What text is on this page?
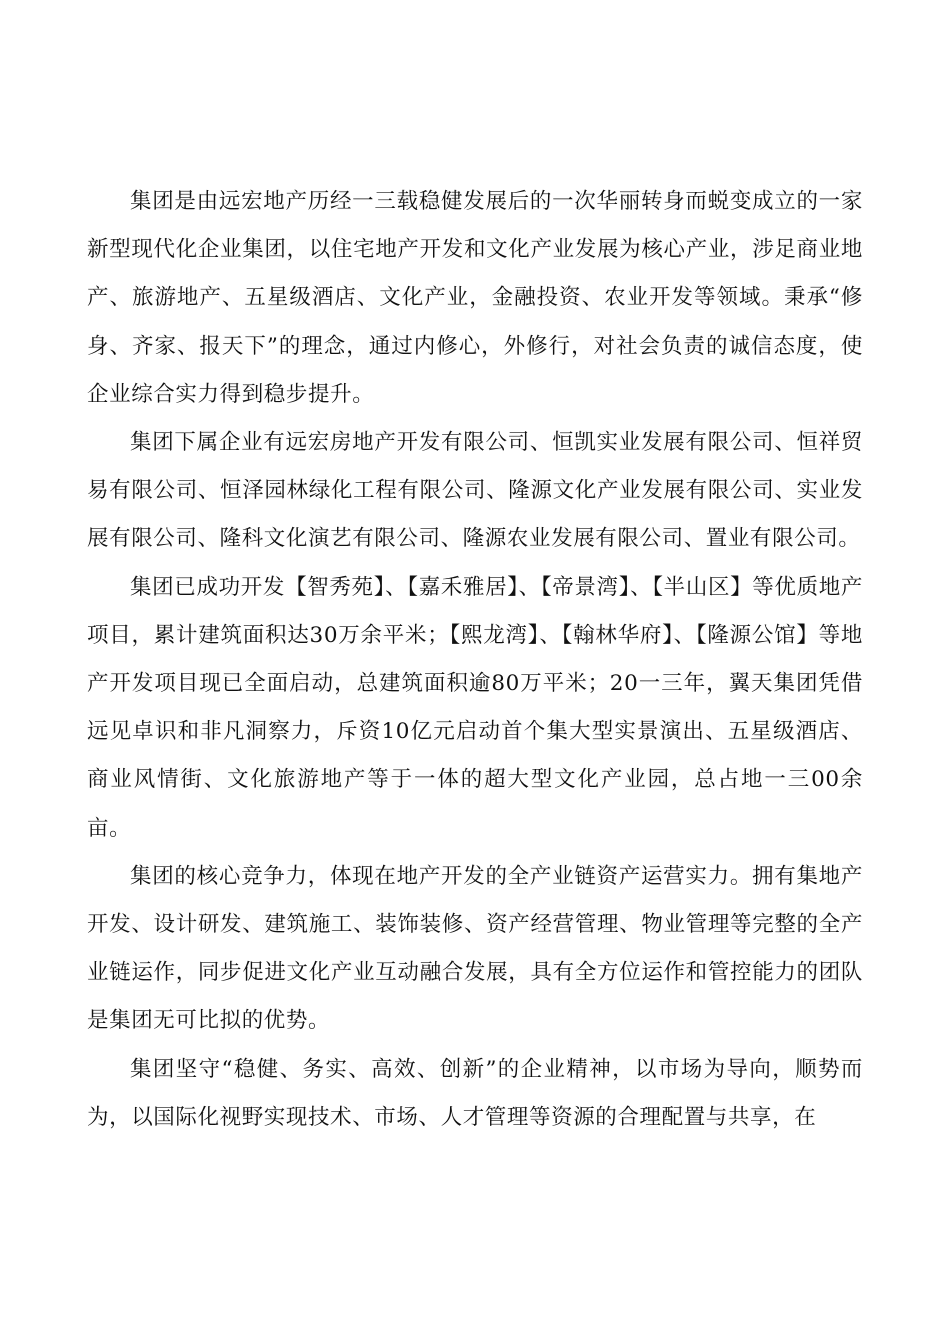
集团是由远宏地产历经一三载稳健发展后的一次华丽转身而蜕变成立的一家新型现代化企业集团，以住宅地产开发和文化产业发展为核心产业，涉足商业地产、旅游地产、五星级酒店、文化产业，金融投资、农业开发等领域。秉承“修身、齐家、报天下”的理念，通过内修心，外修行，对社会负责的诚信态度，使企业综合实力得到稳步提升。

集团下属企业有远宏房地产开发有限公司、恒凯实业发展有限公司、恒祥贸易有限公司、恒泽园林绿化工程有限公司、隆源文化产业发展有限公司、实业发展有限公司、隆科文化演艺有限公司、隆源农业发展有限公司、置业有限公司。

集团已成功开发【智秀苑】、【嘉禾雅居】、【帝景湾】、【半山区】等优质地产项目，累计建筑面积达30万余平米；【熙龙湾】、【翰林华府】、【隆源公馆】等地产开发项目现已全面启动，总建筑面积逾80万平米；20一三年，翼天集团凭借远见卓识和非凡洞察力，斥资10亿元启动首个集大型实景演出、五星级酒店、商业风情街、文化旅游地产等于一体的超大型文化产业园，总占地一三00余亩。

集团的核心竞争力，体现在地产开发的全产业链资产运营实力。拥有集地产开发、设计研发、建筑施工、装饰装修、资产经营管理、物业管理等完整的全产业链运作，同步促进文化产业互动融合发展，具有全方位运作和管控能力的团队是集团无可比拟的优势。

集团坚守“稳健、务实、高效、创新”的企业精神，以市场为导向，顺势而为，以国际化视野实现技术、市场、人才管理等资源的合理配置与共享，在
